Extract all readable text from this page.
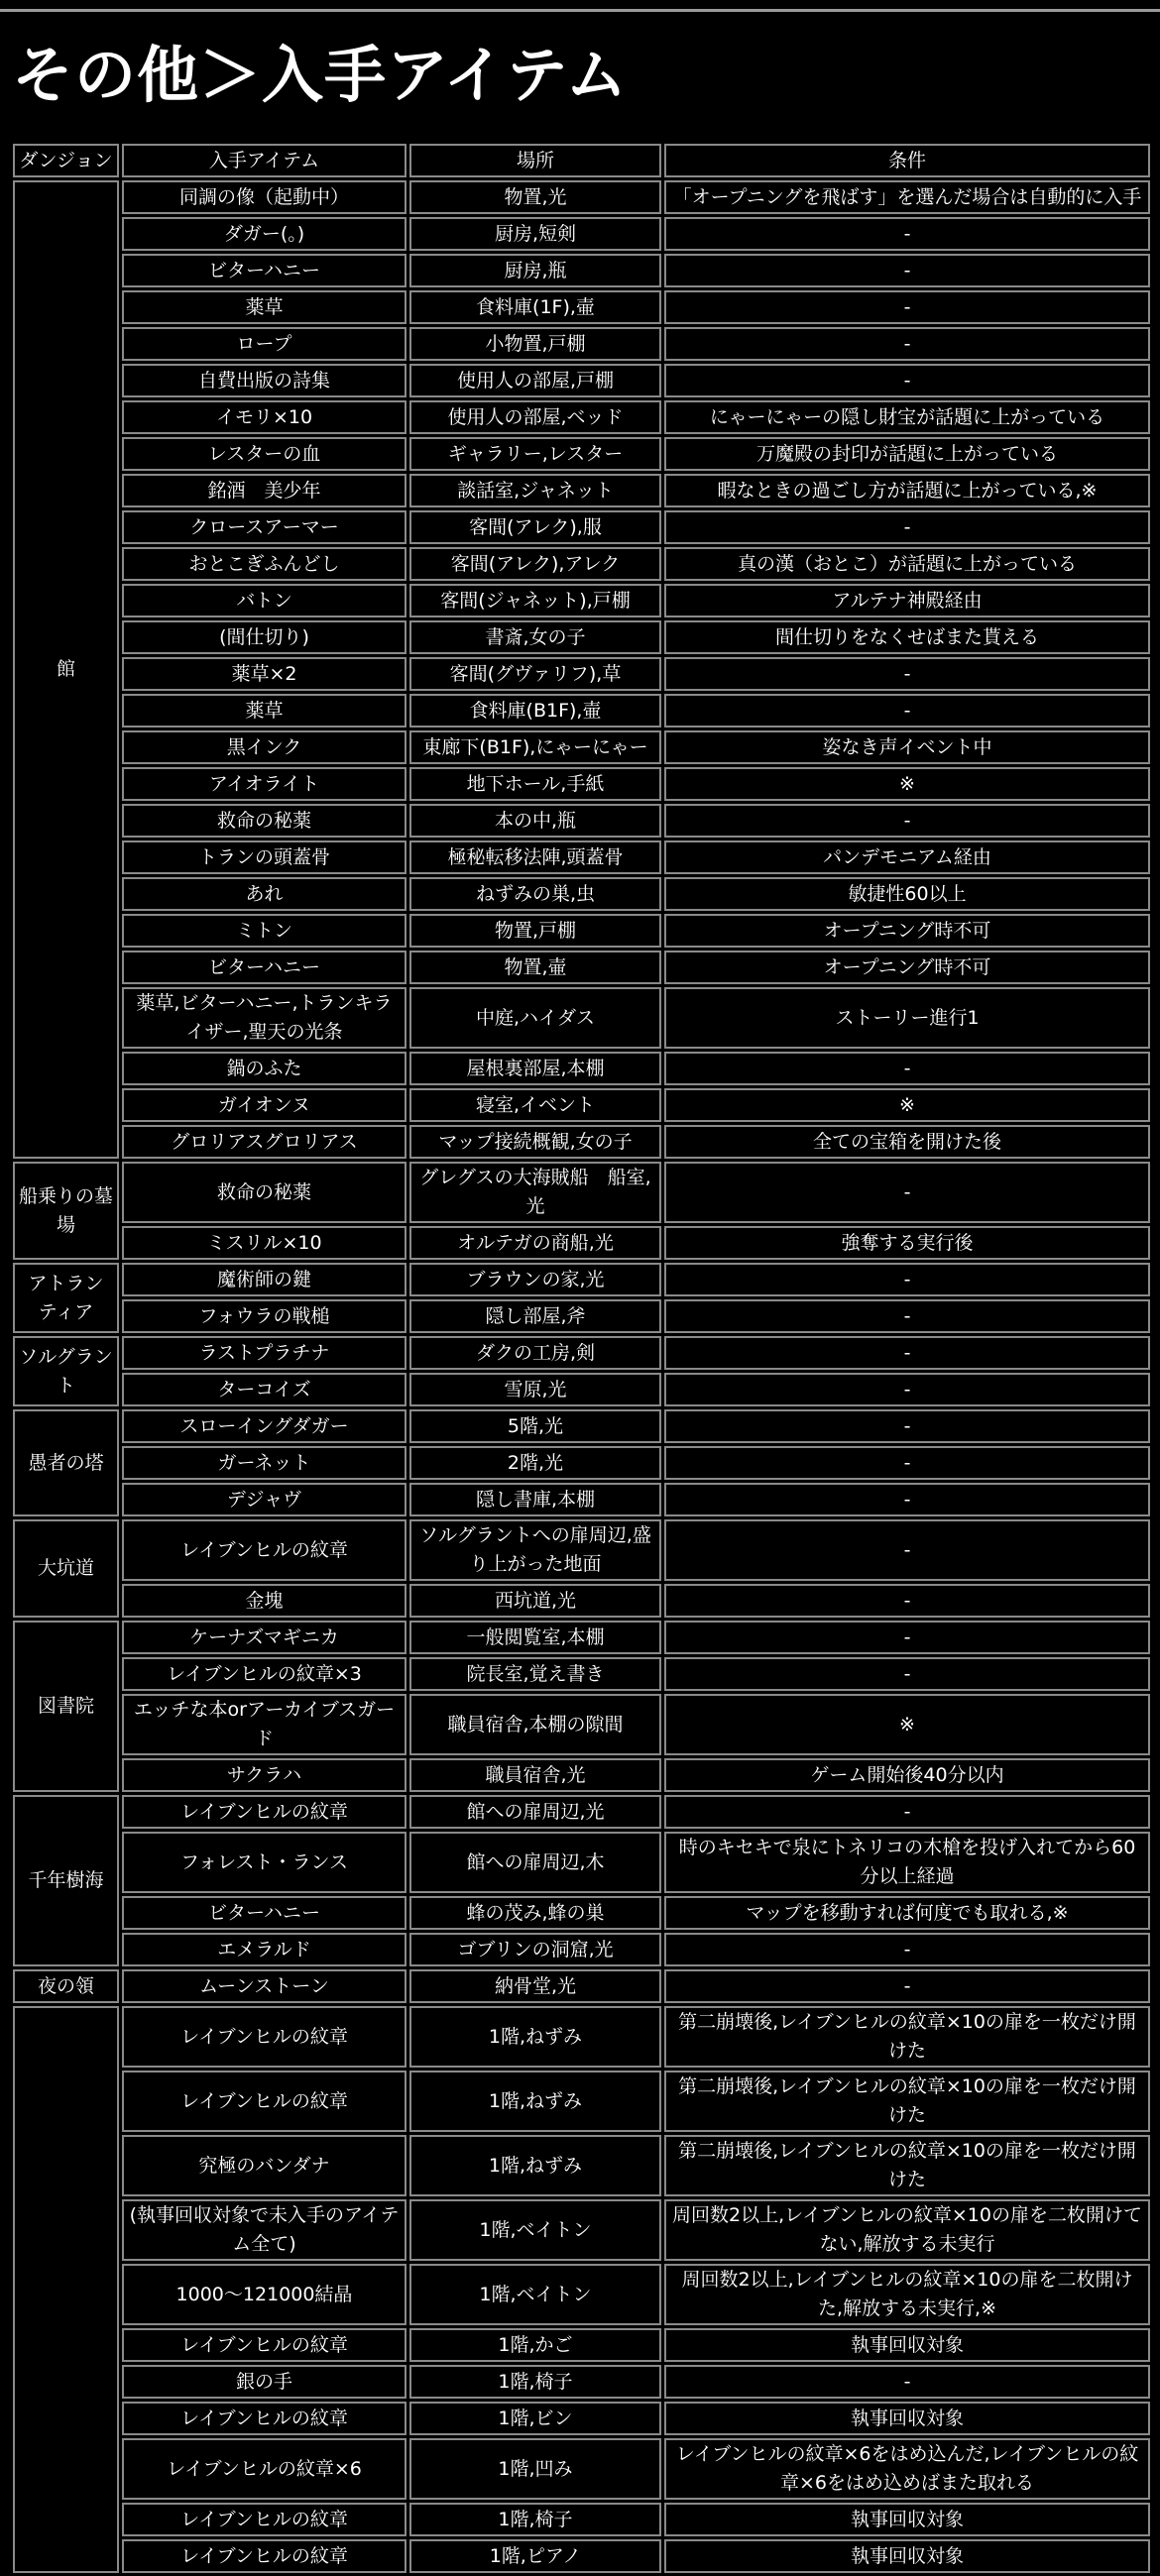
その他＞入手アイテム
ダンジョン	入手アイテム	場所	条件
館	同調の像（起動中）	物置,光	「オープニングを飛ばす」を選んだ場合は自動的に入手
	ダガー(。)	厨房,短剣	-
	ビターハニー	厨房,瓶	-
	薬草	食料庫(1F),壷	-
	ロープ	小物置,戸棚	-
	自費出版の詩集	使用人の部屋,戸棚	-
	イモリ×10	使用人の部屋,ベッド	にゃーにゃーの隠し財宝が話題に上がっている
	レスターの血	ギャラリー,レスター	万魔殿の封印が話題に上がっている
	銘酒　美少年	談話室,ジャネット	暇なときの過ごし方が話題に上がっている,※
	クロースアーマー	客間(アレク),服	-
	おとこぎふんどし	客間(アレク),アレク	真の漢（おとこ）が話題に上がっている
	バトン	客間(ジャネット),戸棚	アルテナ神殿経由
	(間仕切り)	書斎,女の子	間仕切りをなくせばまた貰える
	薬草×2	客間(グヴァリフ),草	-
	薬草	食料庫(B1F),壷	-
	黒インク	東廊下(B1F),にゃーにゃー	姿なき声イベント中
	アイオライト	地下ホール,手紙	※
	救命の秘薬	本の中,瓶	-
	トランの頭蓋骨	極秘転移法陣,頭蓋骨	パンデモニアム経由
	あれ	ねずみの巣,虫	敏捷性60以上
	ミトン	物置,戸棚	オープニング時不可
	ビターハニー	物置,壷	オープニング時不可
	薬草,ビターハニー,トランキライザー,聖天の光条	中庭,ハイダス	ストーリー進行1
	鍋のふた	屋根裏部屋,本棚	-
	ガイオンヌ	寝室,イベント	※
	グロリアスグロリアス	マップ接続概観,女の子	全ての宝箱を開けた後
船乗りの墓場	救命の秘薬	グレグスの大海賊船　船室,光	-
	ミスリル×10	オルテガの商船,光	強奪する実行後
アトランティア	魔術師の鍵	ブラウンの家,光	-
	フォウラの戦槌	隠し部屋,斧	-
ソルグラント	ラストプラチナ	ダクの工房,剣	-
	ターコイズ	雪原,光	-
愚者の塔	スローイングダガー	5階,光	-
	ガーネット	2階,光	-
	デジャヴ	隠し書庫,本棚	-
大坑道	レイブンヒルの紋章	ソルグラントへの扉周辺,盛り上がった地面	-
	金塊	西坑道,光	-
図書院	ケーナズマギニカ	一般閲覧室,本棚	-
	レイブンヒルの紋章×3	院長室,覚え書き	-
	エッチな本orアーカイブスガード	職員宿舎,本棚の隙間	※
	サクラハ	職員宿舎,光	ゲーム開始後40分以内
千年樹海	レイブンヒルの紋章	館への扉周辺,光	-
	フォレスト・ランス	館への扉周辺,木	時のキセキで泉にトネリコの木槍を投げ入れてから60分以上経過
	ビターハニー	蜂の茂み,蜂の巣	マップを移動すれば何度でも取れる,※
	エメラルド	ゴブリンの洞窟,光	-
夜の領	ムーンストーン	納骨堂,光	-
	レイブンヒルの紋章	1階,ねずみ	第二崩壊後,レイブンヒルの紋章×10の扉を一枚だけ開けた
	レイブンヒルの紋章	1階,ねずみ	第二崩壊後,レイブンヒルの紋章×10の扉を一枚だけ開けた
	究極のバンダナ	1階,ねずみ	第二崩壊後,レイブンヒルの紋章×10の扉を一枚だけ開けた
	(執事回収対象で未入手のアイテム全て)	1階,ベイトン	周回数2以上,レイブンヒルの紋章×10の扉を二枚開けてない,解放する未実行
	1000〜121000結晶	1階,ベイトン	周回数2以上,レイブンヒルの紋章×10の扉を二枚開けた,解放する未実行,※
	レイブンヒルの紋章	1階,かご	執事回収対象
	銀の手	1階,椅子	-
	レイブンヒルの紋章	1階,ビン	執事回収対象
	レイブンヒルの紋章×6	1階,凹み	レイブンヒルの紋章×6をはめ込んだ,レイブンヒルの紋章×6をはめ込めばまた取れる
	レイブンヒルの紋章	1階,椅子	執事回収対象
	レイブンヒルの紋章	1階,ピアノ	執事回収対象
